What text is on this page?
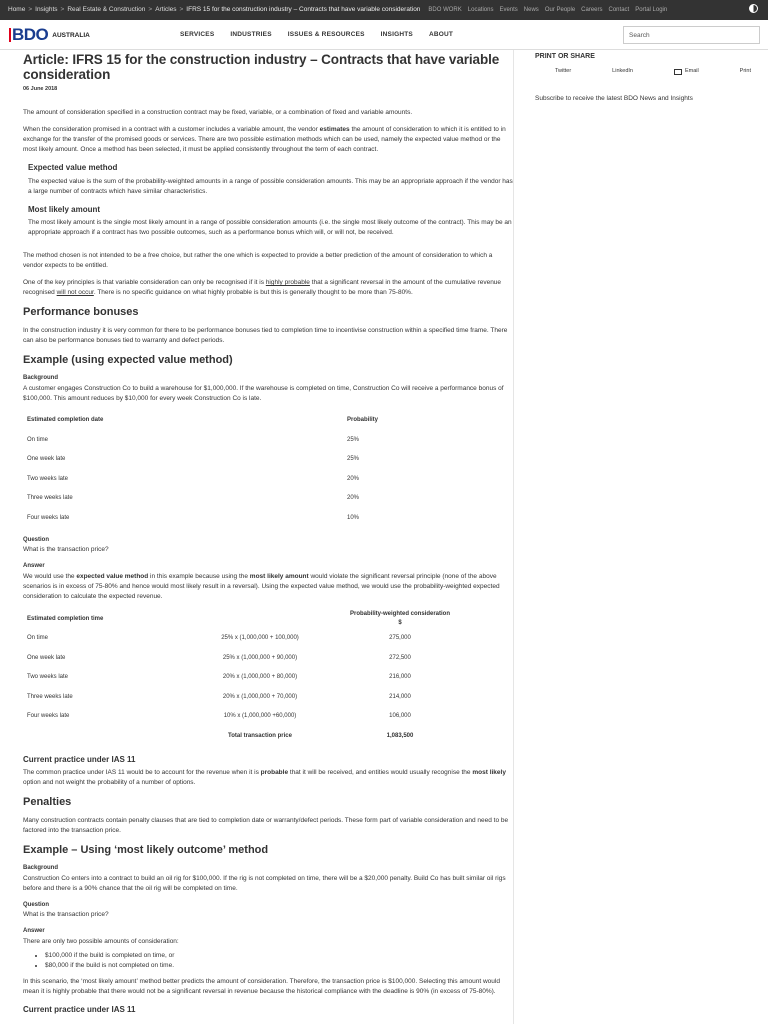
Home > Insights > Real Estate & Construction > Articles > IFRS 15 for the construction industry – Contracts that have variable consideration BDO WORK Locations Events News Our People Careers Contact Portal Login
BDO AUSTRALIA	SERVICES	INDUSTRIES	ISSUES & RESOURCES	INSIGHTS	ABOUT	Search
Article: IFRS 15 for the construction industry – Contracts that have variable consideration
06 June 2018

The amount of consideration specified in a construction contract may be fixed, variable, or a combination of fixed and variable amounts.

When the consideration promised in a contract with a customer includes a variable amount, the vendor estimates the amount of consideration to which it is entitled to in exchange for the transfer of the promised goods or services. There are two possible estimation methods which can be used, namely the expected value method or the most likely amount. Once a method has been selected, it must be applied consistently throughout the term of each contract.

Expected value method

The expected value is the sum of the probability-weighted amounts in a range of possible consideration amounts. This may be an appropriate approach if the vendor has a large number of contracts which have similar characteristics.

Most likely amount

The most likely amount is the single most likely amount in a range of possible consideration amounts (i.e. the single most likely outcome of the contract). This may be an appropriate approach if a contract has two possible outcomes, such as a performance bonus which will, or will not, be received.

The method chosen is not intended to be a free choice, but rather the one which is expected to provide a better prediction of the amount of consideration to which a vendor expects to be entitled.

One of the key principles is that variable consideration can only be recognised if it is highly probable that a significant reversal in the amount of the cumulative revenue recognised will not occur. There is no specific guidance on what highly probable is but this is generally thought to be more than 75-80%.

Performance bonuses

In the construction industry it is very common for there to be performance bonuses tied to completion time to incentivise construction within a specified time frame. There can also be performance bonuses tied to warranty and defect periods.

Example (using expected value method)
Background

A customer engages Construction Co to build a warehouse for $1,000,000. If the warehouse is completed on time, Construction Co will receive a performance bonus of $100,000. This amount reduces by $10,000 for every week Construction Co is late.

Estimated completion date	Probability
On time	25%
One week late	25%
Two weeks late	20%
Three weeks late	20%
Four weeks late	10%
Question

What is the transaction price?

Answer

We would use the expected value method in this example because using the most likely amount would violate the significant reversal principle (none of the above scenarios is in excess of 75-80% and hence would most likely result in a reversal). Using the expected value method, we would use the probability-weighted expected consideration to calculate the expected revenue.

Estimated completion time		Probability-weighted consideration
$

On time	25% x (1,000,000 + 100,000)	275,000
One week late	25% x (1,000,000 + 90,000)	272,500
Two weeks late	20% x (1,000,000 + 80,000)	216,000
Three weeks late	20% x (1,000,000 + 70,000)	214,000
Four weeks late	10% x (1,000,000 +60,000)	106,000
	Total transaction price	1,083,500
Current practice under IAS 11

The common practice under IAS 11 would be to account for the revenue when it is probable that it will be received, and entities would usually recognise the most likely option and not weight the probability of a number of options.

Penalties

Many construction contracts contain penalty clauses that are tied to completion date or warranty/defect periods. These form part of variable consideration and need to be factored into the transaction price.

Example – Using ‘most likely outcome’ method
Background

Construction Co enters into a contract to build an oil rig for $100,000. If the rig is not completed on time, there will be a $20,000 penalty. Build Co has built similar oil rigs before and there is a 90% chance that the oil rig will be completed on time.

Question

What is the transaction price?

Answer

There are only two possible amounts of consideration:

• $100,000 if the build is completed on time, or
• $80,000 if the build is not completed on time.

In this scenario, the ‘most likely amount’ method better predicts the amount of consideration. Therefore, the transaction price is $100,000. Selecting this amount would mean it is highly probable that there would not be a significant reversal in revenue because the historical compliance with the deadline is 90% (in excess of 75-80%).

Current practice under IAS 11
PRINT OR SHARE
Twitter	LinkedIn	Email	Print
Subscribe to receive the latest BDO News and Insights
